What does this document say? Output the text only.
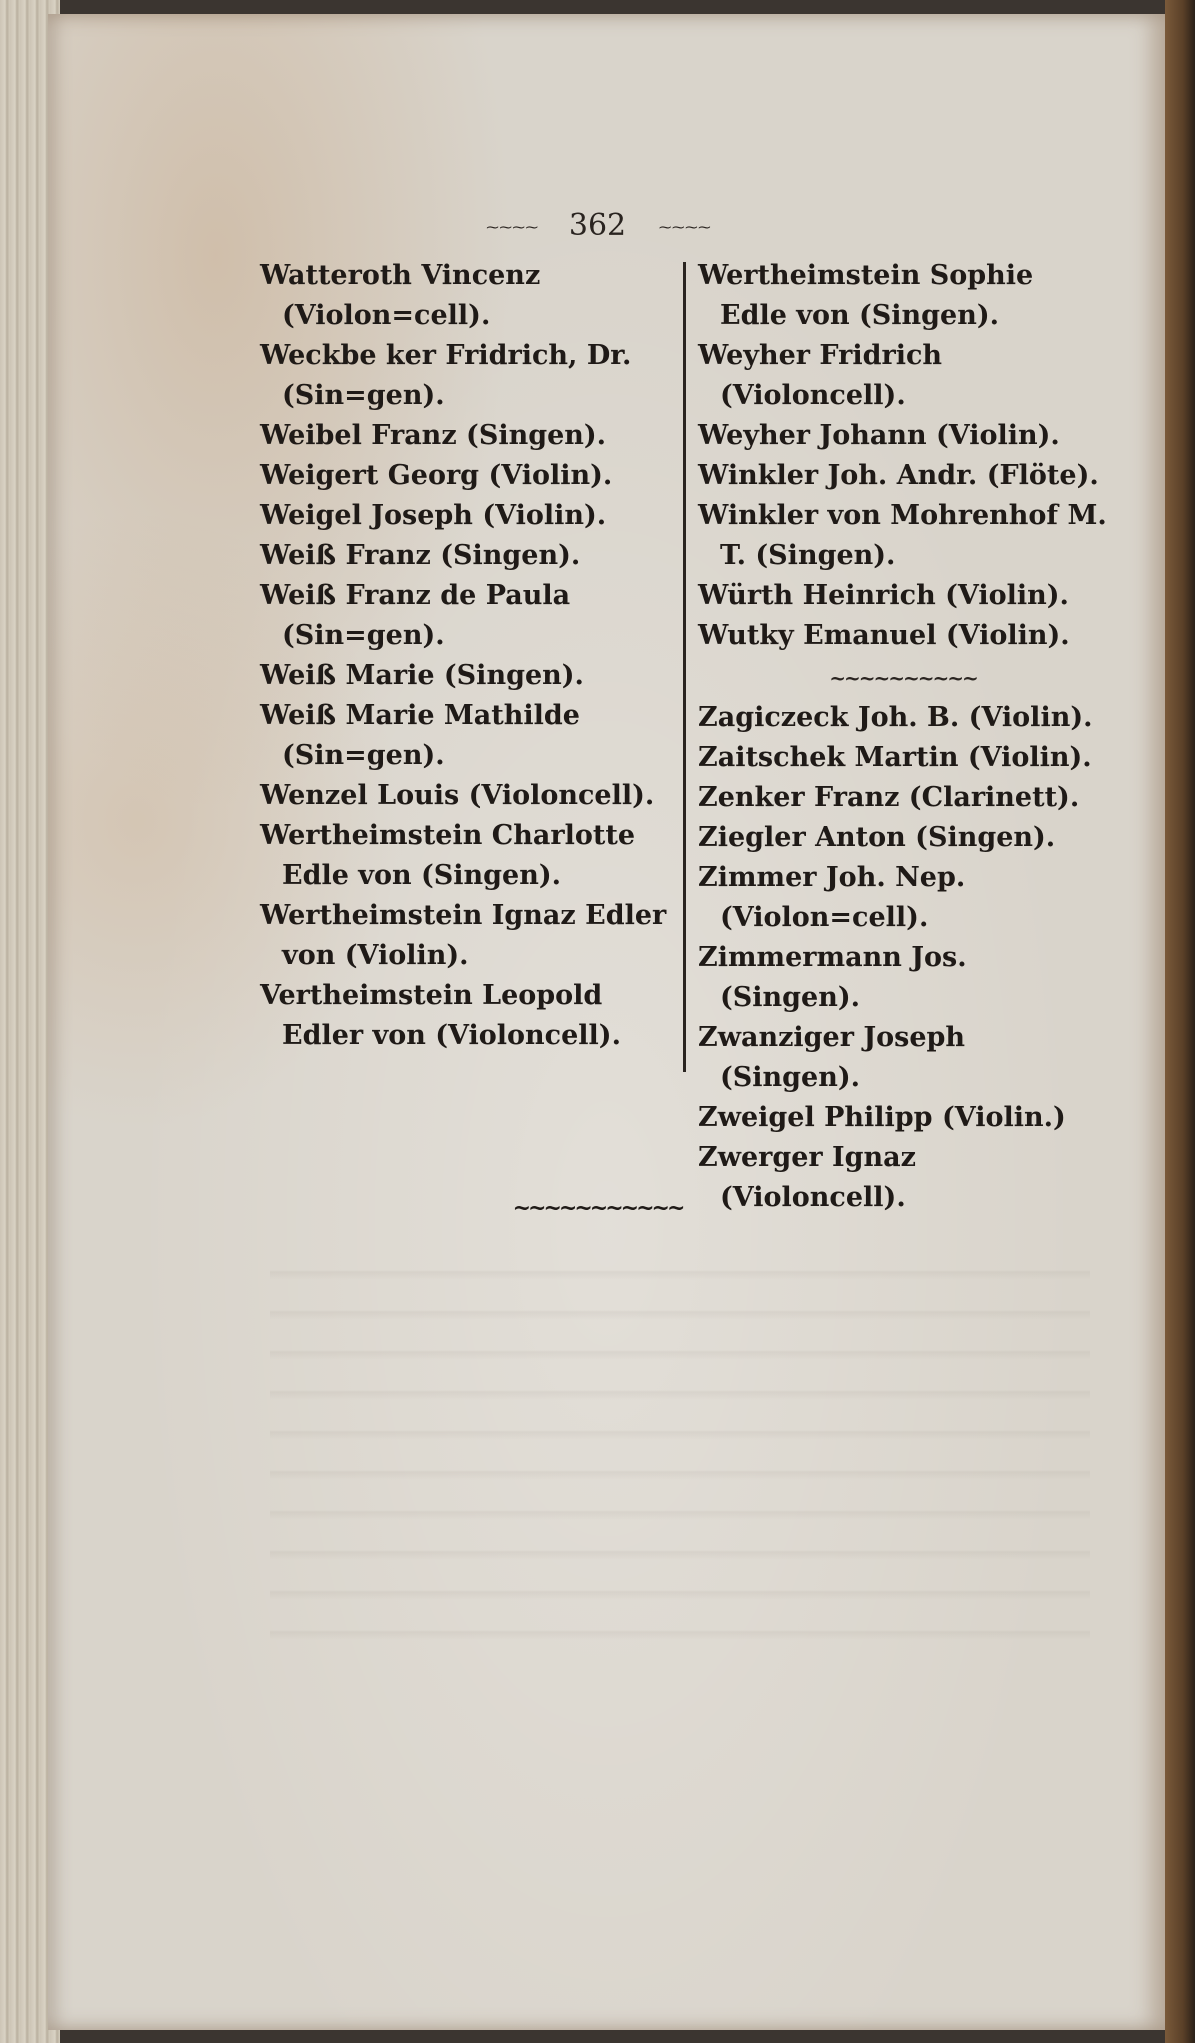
~~~~ 362 ~~~~

Watteroth Vincenz (Violon=cell).

Weckbe ker Fridrich, Dr. (Sin=gen).

Weibel Franz (Singen).

Weigert Georg (Violin).

Weigel Joseph (Violin).

Weiß Franz (Singen).

Weiß Franz de Paula (Sin=gen).

Weiß Marie (Singen).

Weiß Marie Mathilde (Sin=gen).

Wenzel Louis (Violoncell).

Wertheimstein Charlotte Edle von (Singen).

Wertheimstein Ignaz Edler von (Violin).

Vertheimstein Leopold Edler von (Violoncell).

Wertheimstein Sophie Edle von (Singen).

Weyher Fridrich (Violoncell).

Weyher Johann (Violin).

Winkler Joh. Andr. (Flöte).

Winkler von Mohrenhof M. T. (Singen).

Würth Heinrich (Violin).

Wutky Emanuel (Violin).

~~~~~~~~~~

Zagiczeck Joh. B. (Violin).

Zaitschek Martin (Violin).

Zenker Franz (Clarinett).

Ziegler Anton (Singen).

Zimmer Joh. Nep. (Violon=cell).

Zimmermann Jos. (Singen).

Zwanziger Joseph (Singen).

Zweigel Philipp (Violin.)

Zwerger Ignaz (Violoncell).

~~~~~~~~~~~
